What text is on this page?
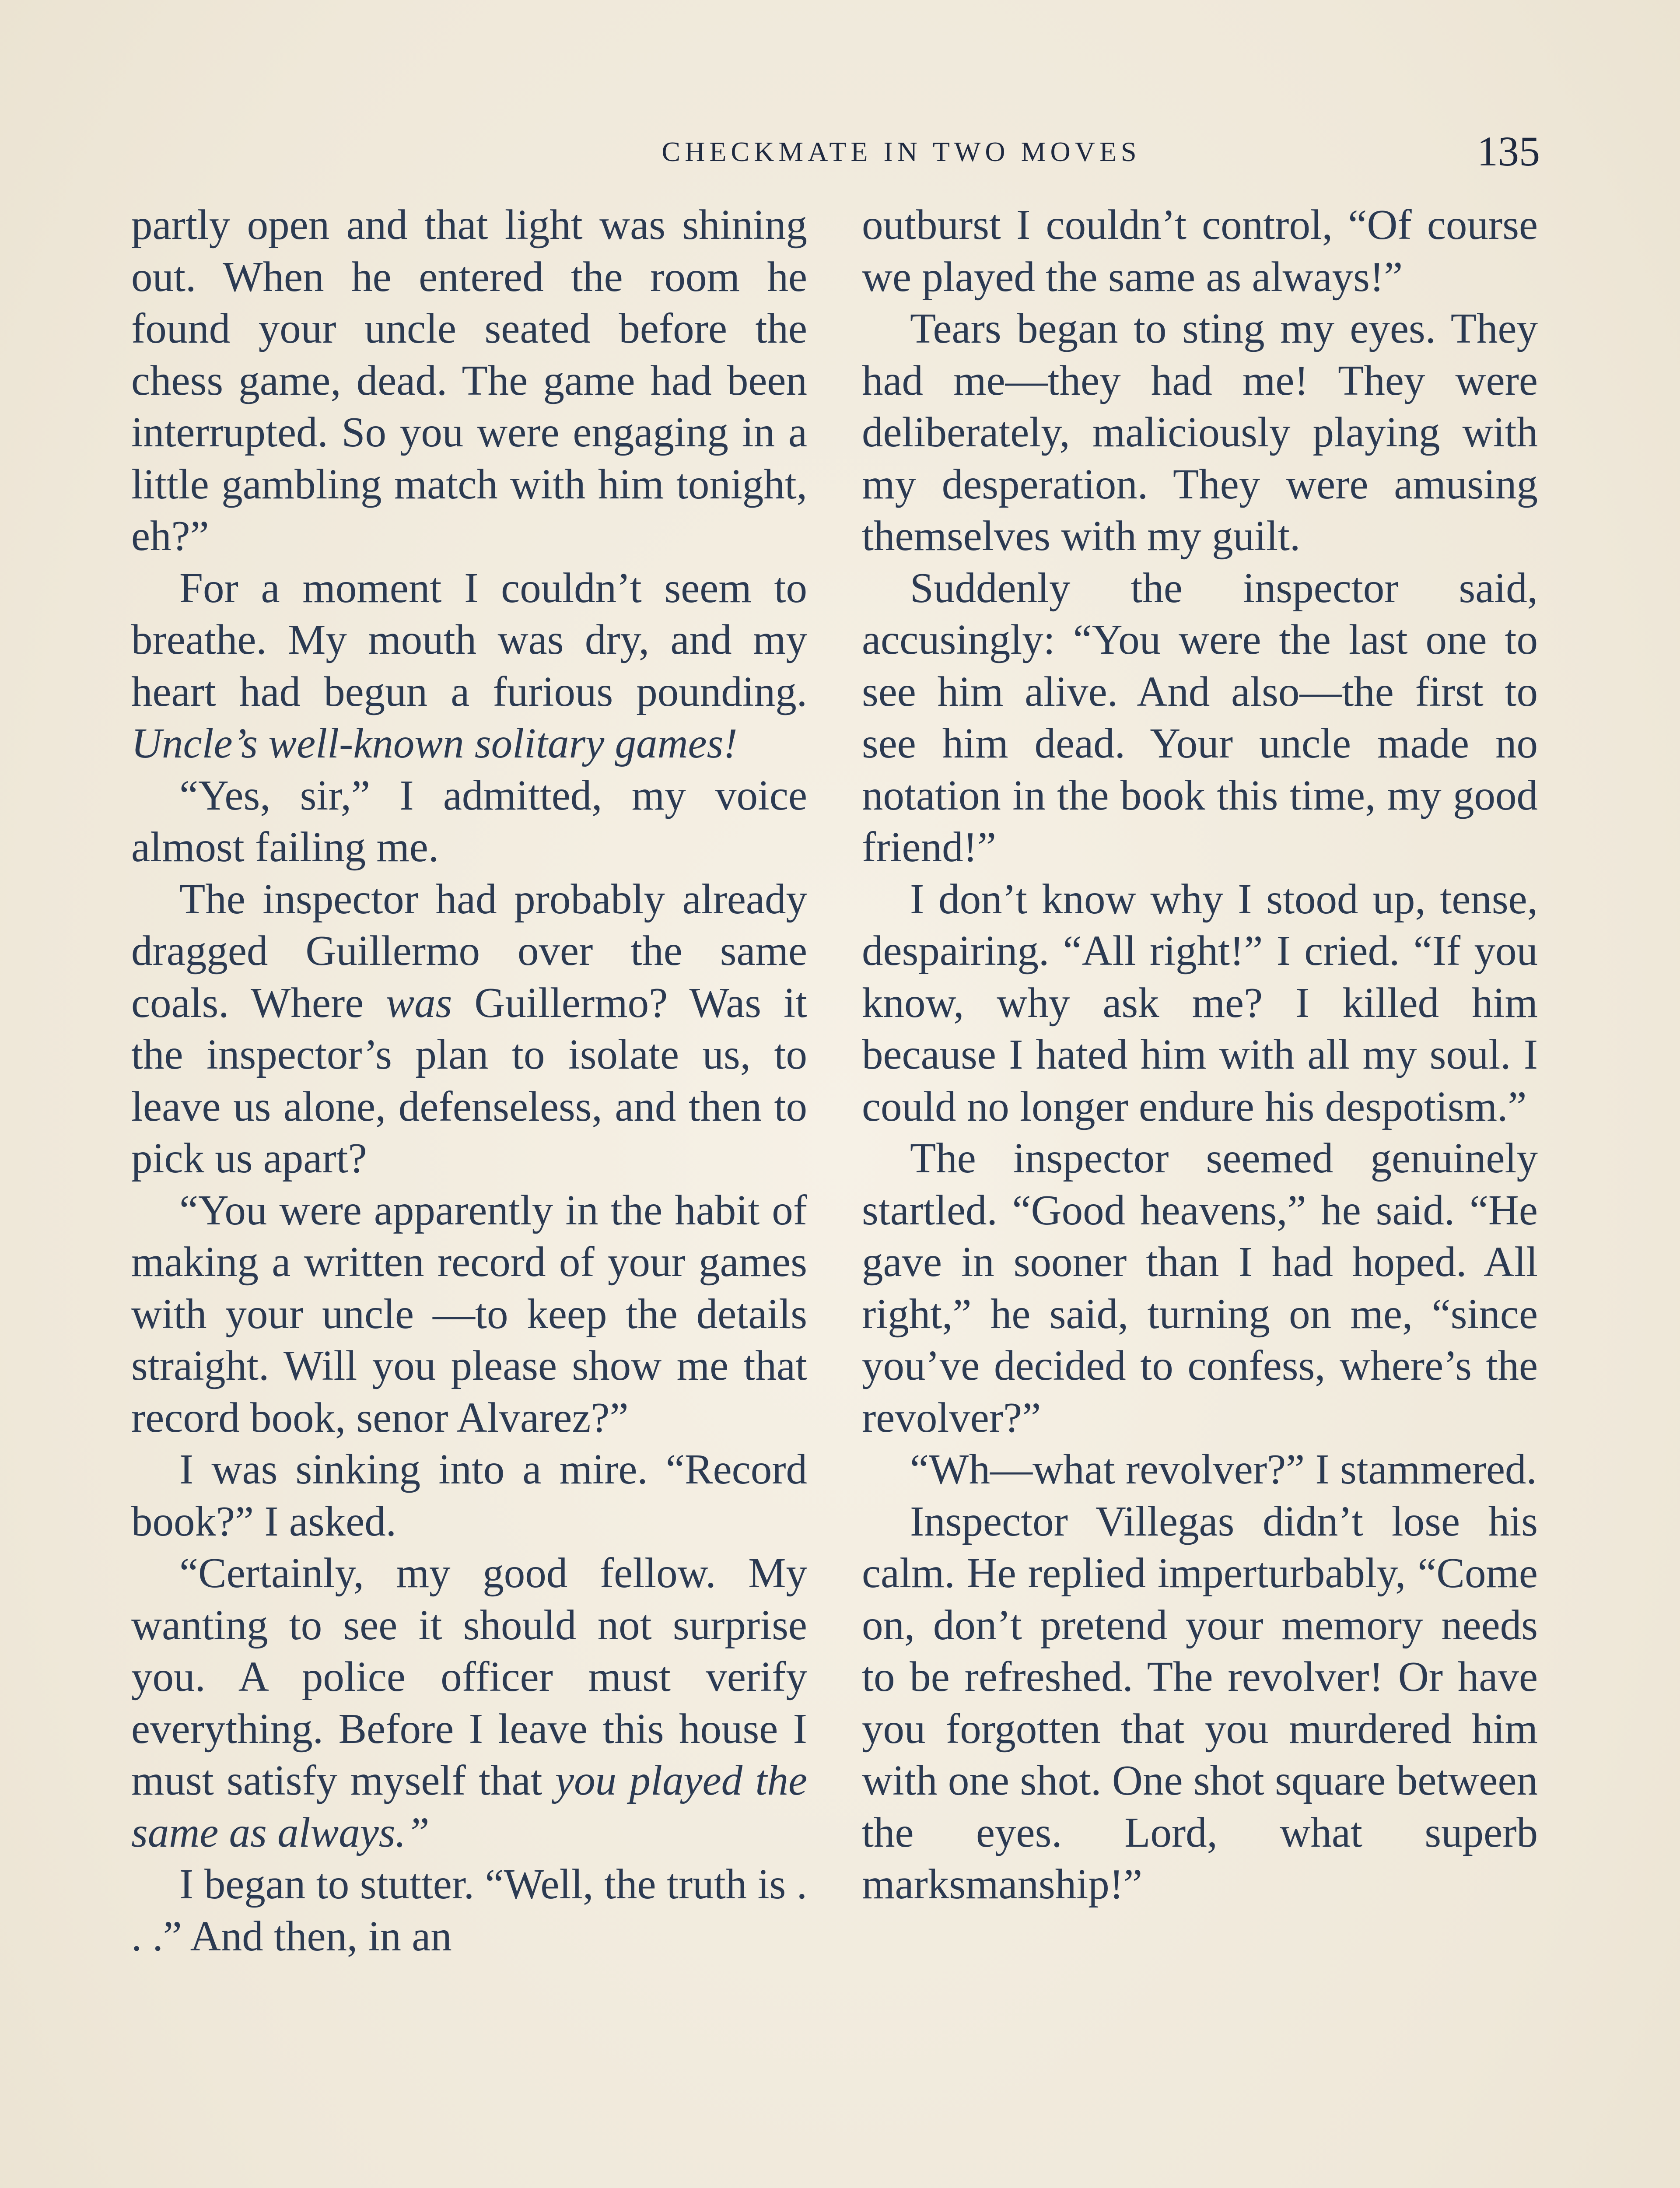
CHECKMATE IN TWO MOVES	135

partly open and that light was shining out. When he entered the room he found your uncle seated before the chess game, dead. The game had been interrupted. So you were engaging in a little gambling match with him tonight, eh?”

For a moment I couldn’t seem to breathe. My mouth was dry, and my heart had begun a furious pounding. Uncle’s well-known solitary games!

“Yes, sir,” I admitted, my voice almost failing me.

The inspector had probably already dragged Guillermo over the same coals. Where was Guillermo? Was it the inspector’s plan to isolate us, to leave us alone, defenseless, and then to pick us apart?

“You were apparently in the habit of making a written record of your games with your uncle —to keep the details straight. Will you please show me that record book, senor Alvarez?”

I was sinking into a mire. “Record book?” I asked.

“Certainly, my good fellow. My wanting to see it should not surprise you. A police officer must verify everything. Before I leave this house I must satisfy myself that you played the same as always.”

I began to stutter. “Well, the truth is . . .” And then, in an

outburst I couldn’t control, “Of course we played the same as always!”

Tears began to sting my eyes. They had me—they had me! They were deliberately, maliciously playing with my desperation. They were amusing themselves with my guilt.

Suddenly the inspector said, accusingly: “You were the last one to see him alive. And also—the first to see him dead. Your uncle made no notation in the book this time, my good friend!”

I don’t know why I stood up, tense, despairing. “All right!” I cried. “If you know, why ask me? I killed him because I hated him with all my soul. I could no longer endure his despotism.”

The inspector seemed genuinely startled. “Good heavens,” he said. “He gave in sooner than I had hoped. All right,” he said, turning on me, “since you’ve decided to confess, where’s the revolver?”

“Wh—what revolver?” I stammered.

Inspector Villegas didn’t lose his calm. He replied imperturbably, “Come on, don’t pretend your memory needs to be refreshed. The revolver! Or have you forgotten that you murdered him with one shot. One shot square between the eyes. Lord, what superb marksmanship!”
